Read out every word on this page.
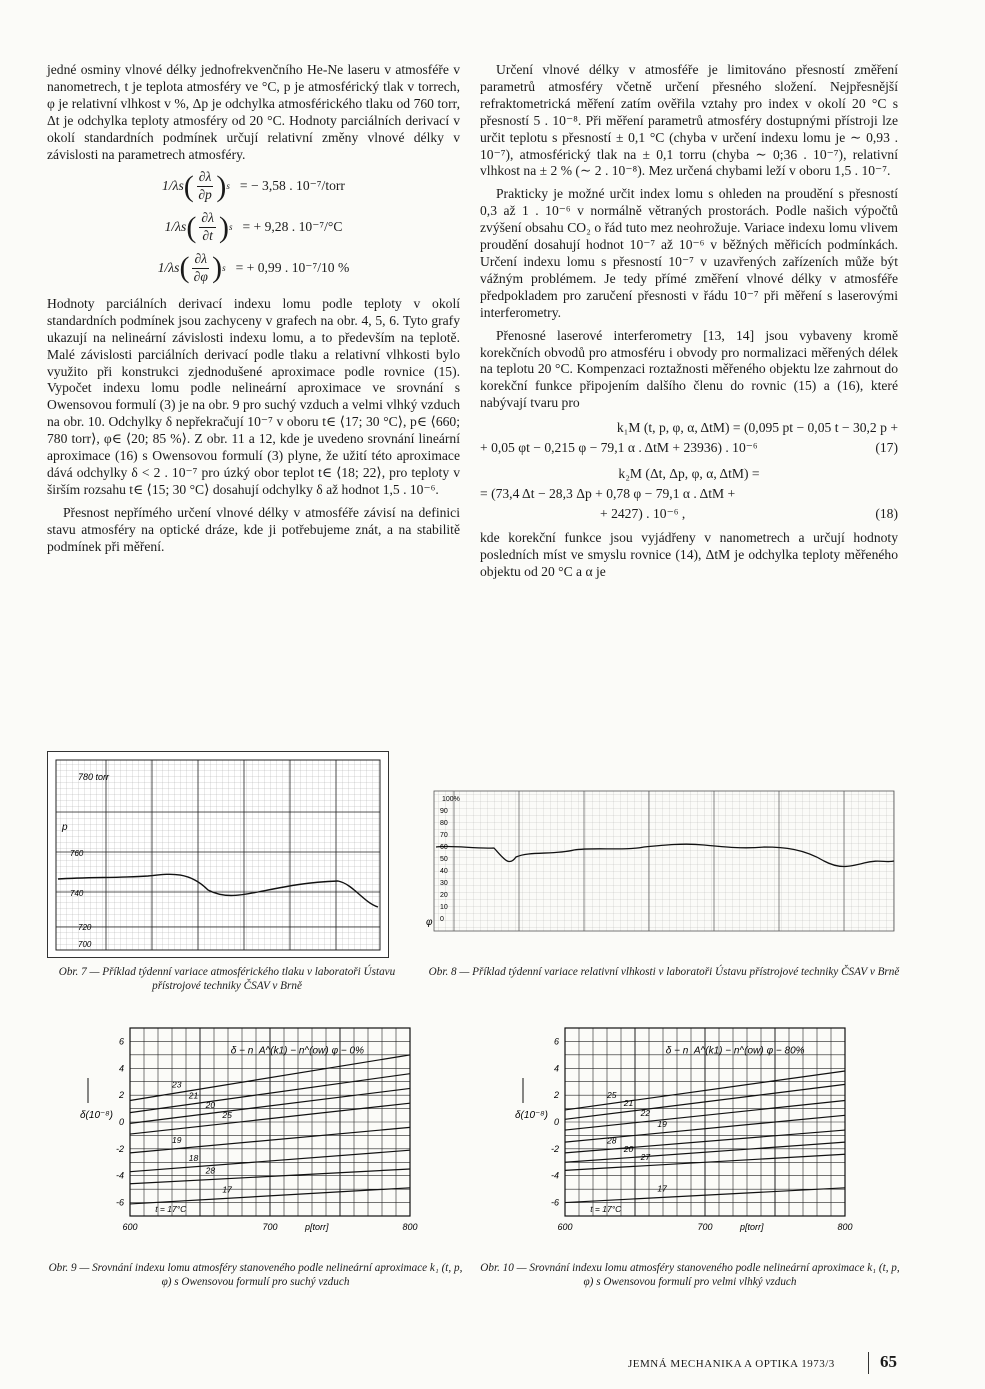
jedné osminy vlnové délky jednofrekvenčního He-Ne laseru v atmosféře v nanometrech, t je teplota atmosféry ve °C, p je atmosférický tlak v torrech, φ je relativní vlhkost v %, Δp je odchylka atmosférického tlaku od 760 torr, Δt je odchylka teploty atmosféry od 20 °C. Hodnoty parciálních derivací v okolí standardních podmínek určují relativní změny vlnové délky v závislosti na parametrech atmosféry.

1/λs ( $\frac{\partial\lambda}{\partial p}$ ) s = − 3,58 . 10⁻⁷/torr
1/λs ( $\frac{\partial\lambda}{\partial t}$ ) s = + 9,28 . 10⁻⁷/°C
1/λs ( $\frac{\partial\lambda}{\partial\varphi}$ ) s = + 0,99 . 10⁻⁷/10 %

Hodnoty parciálních derivací indexu lomu podle teploty v okolí standardních podmínek jsou zachyceny v grafech na obr. 4, 5, 6. Tyto grafy ukazují na nelineární závislosti indexu lomu, a to především na teplotě. Malé závislosti parciálních derivací podle tlaku a relativní vlhkosti bylo využito při konstrukci zjednodušené aproximace podle rovnice (15). Vypočet indexu lomu podle nelineární aproximace ve srovnání s Owensovou formulí (3) je na obr. 9 pro suchý vzduch a velmi vlhký vzduch na obr. 10. Odchylky δ nepřekračují 10⁻⁷ v oboru t∈ ⟨17; 30 °C⟩, p∈ ⟨660; 780 torr⟩, φ∈ ⟨20; 85 %⟩. Z obr. 11 a 12, kde je uvedeno srovnání lineární aproximace (16) s Owensovou formulí (3) plyne, že užití této aproximace dává odchylky δ < 2 . 10⁻⁷ pro úzký obor teplot t∈ ⟨18; 22⟩, pro teploty v širším rozsahu t∈ ⟨15; 30 °C⟩ dosahují odchylky δ až hodnot 1,5 . 10⁻⁶.

Přesnost nepřímého určení vlnové délky v atmosféře závisí na definici stavu atmosféry na optické dráze, kde ji potřebujeme znát, a na stabilitě podmínek při měření.

Určení vlnové délky v atmosféře je limitováno přesností změření parametrů atmosféry včetně určení přesného složení. Nejpřesnější refraktometrická měření zatím ověřila vztahy pro index v okolí 20 °C s přesností 5 . 10⁻⁸. Při měření parametrů atmosféry dostupnými přístroji lze určit teplotu s přesností ± 0,1 °C (chyba v určení indexu lomu je ∼ 0,93 . 10⁻⁷), atmosférický tlak na ± 0,1 torru (chyba ∼ 0;36 . 10⁻⁷), relativní vlhkost na ± 2 % (∼ 2 . 10⁻⁸). Mez určená chybami leží v oboru 1,5 . 10⁻⁷.

Prakticky je možné určit index lomu s ohleden na proudění s přesností 0,3 až 1 . 10⁻⁶ v normálně větraných prostorách. Podle našich výpočtů zvýšení obsahu CO₂ o řád tuto mez neohrožuje. Variace indexu lomu vlivem proudění dosahují hodnot 10⁻⁷ až 10⁻⁶ v běžných měřicích podmínkách. Určení indexu lomu s přesností 10⁻⁷ v uzavřených zařízeních může být vážným problémem. Je tedy přímé změření vlnové délky v atmosféře předpokladem pro zaručení přesnosti v řádu 10⁻⁷ při měření s laserovými interferometry.

Přenosné laserové interferometry [13, 14] jsou vybaveny kromě korekčních obvodů pro atmosféru i obvody pro normalizaci měřených délek na teplotu 20 °C. Kompenzaci roztažnosti měřeného objektu lze zahrnout do korekční funkce připojením dalšího členu do rovnic (15) a (16), které nabývají tvaru pro

k₁M (t, p, φ, α, ΔtM) = (0,095 pt − 0,05 t − 30,2 p +
+ 0,05 φt − 0,215 φ − 79,1 α . ΔtM + 23936) . 10⁻⁶	(17)
k₂M (Δt, Δp, φ, α, ΔtM) =
= (73,4 Δt − 28,3 Δp + 0,78 φ − 79,1 α . ΔtM +
+ 2427) . 10⁻⁶ ,	(18)

kde korekční funkce jsou vyjádřeny v nanometrech a určují hodnoty posledních míst ve smyslu rovnice (14), ΔtM je odchylka teploty měřeného objektu od 20 °C a α je

780 torr
p
760
740
720
700
Obr. 7 — Příklad týdenní variace atmosférického tlaku v laboratoři Ústavu přístrojové techniky ČSAV v Brně
100%
90
80
70
60
50
40
30
20
10
0
φ
Obr. 8 — Příklad týdenní variace relativní vlhkosti v laboratoři Ústavu přístrojové techniky ČSAV v Brně
6
4
2
0
-2
-4
-6
600	700	800
δ(10⁻⁸)
p[torr]
δ − n_A^(k1) − n^(ow) φ − 0%
23
21
20
25
19
18
28
17
t = 17°C
Obr. 9 — Srovnání indexu lomu atmosféry stanoveného podle nelineární aproximace k₁ (t, p, φ) s Owensovou formulí pro suchý vzduch
6
4
2
0
-2
-4
-6
600	700	800
δ(10⁻⁸)
p[torr]
δ − n_A^(k1) − n^(ow) φ − 80%
25
21
22
19
28
20
27
17
t = 17°C
Obr. 10 — Srovnání indexu lomu atmosféry stanoveného podle nelineární aproximace k₁ (t, p, φ) s Owensovou formulí pro velmi vlhký vzduch
JEMNÁ MECHANIKA A OPTIKA 1973/3	65
